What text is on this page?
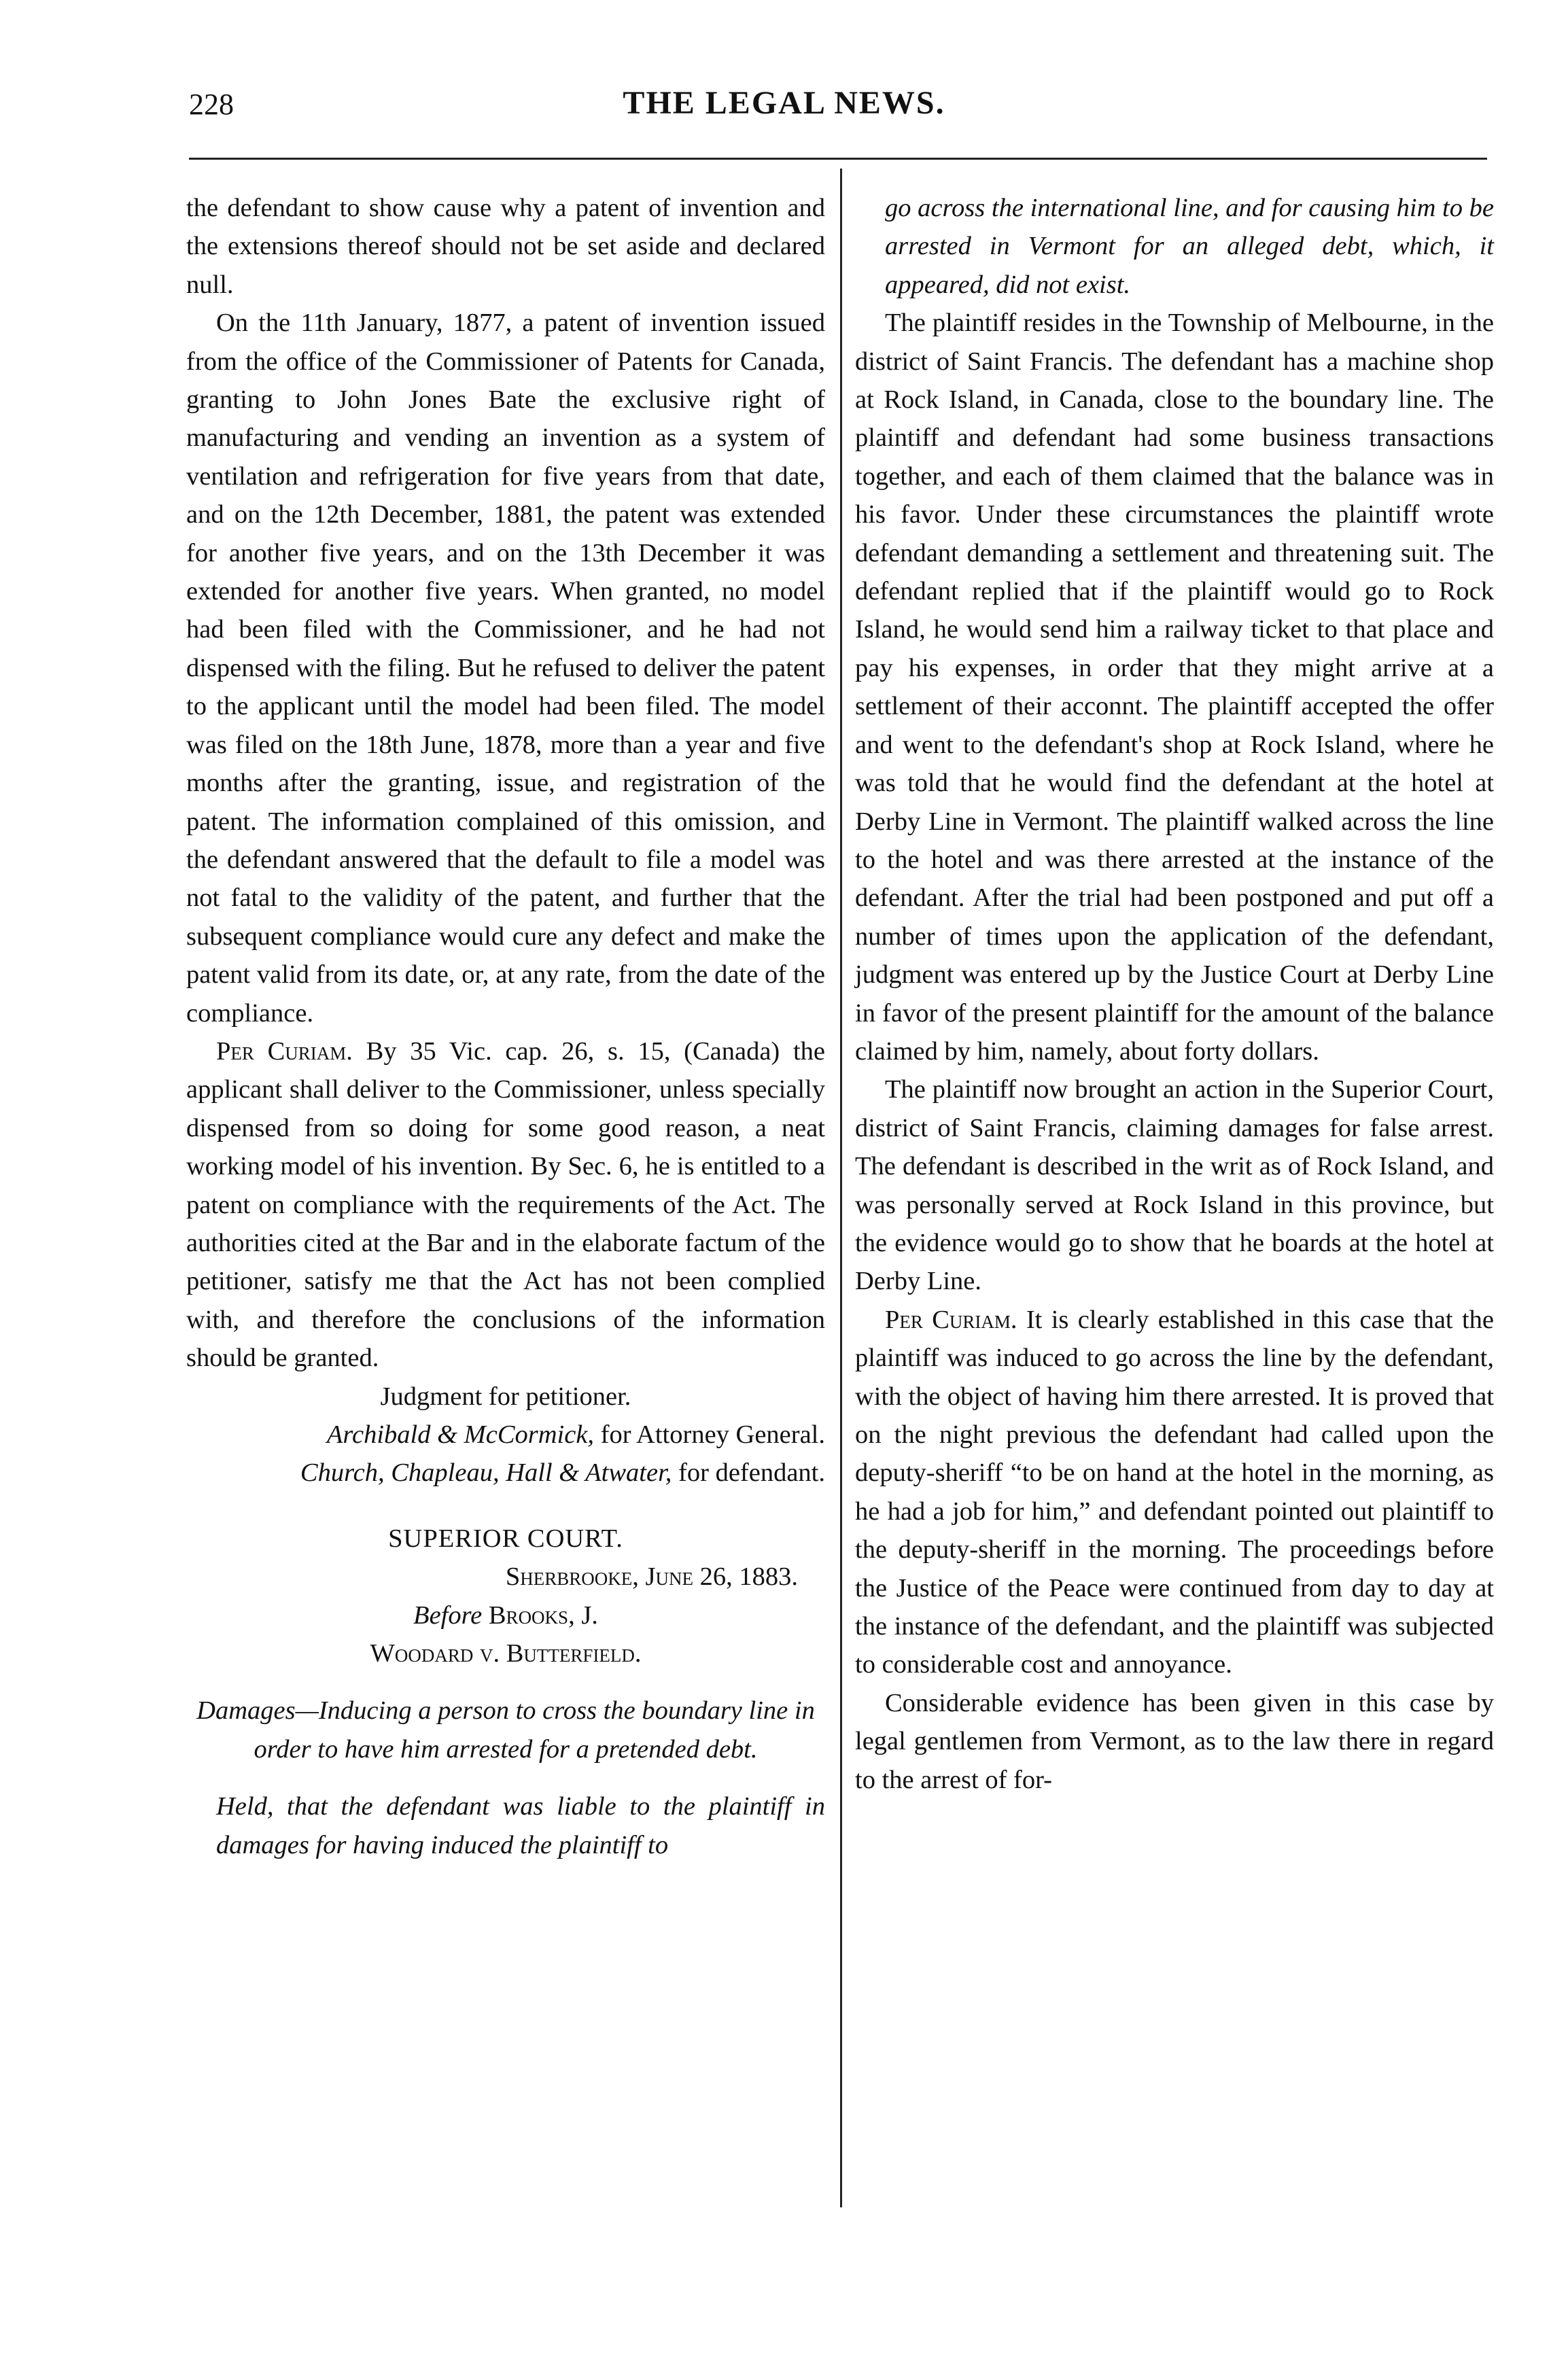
228	THE LEGAL NEWS.

the defendant to show cause why a patent of invention and the extensions thereof should not be set aside and declared null.

On the 11th January, 1877, a patent of invention issued from the office of the Commissioner of Patents for Canada, granting to John Jones Bate the exclusive right of manufacturing and vending an invention as a system of ventilation and refrigeration for five years from that date, and on the 12th December, 1881, the patent was extended for another five years, and on the 13th December it was extended for another five years. When granted, no model had been filed with the Commissioner, and he had not dispensed with the filing. But he refused to deliver the patent to the applicant until the model had been filed. The model was filed on the 18th June, 1878, more than a year and five months after the granting, issue, and registration of the patent. The information complained of this omission, and the defendant answered that the default to file a model was not fatal to the validity of the patent, and further that the subsequent compliance would cure any defect and make the patent valid from its date, or, at any rate, from the date of the compliance.

Per Curiam. By 35 Vic. cap. 26, s. 15, (Canada) the applicant shall deliver to the Commissioner, unless specially dispensed from so doing for some good reason, a neat working model of his invention. By Sec. 6, he is entitled to a patent on compliance with the requirements of the Act. The authorities cited at the Bar and in the elaborate factum of the petitioner, satisfy me that the Act has not been complied with, and therefore the conclusions of the information should be granted.

Judgment for petitioner.

Archibald & McCormick, for Attorney General.

Church, Chapleau, Hall & Atwater, for defendant.

SUPERIOR COURT.

Sherbrooke, June 26, 1883.

Before Brooks, J.

Woodard v. Butterfield.

Damages—Inducing a person to cross the boundary line in order to have him arrested for a pretended debt.

Held, that the defendant was liable to the plaintiff in damages for having induced the plaintiff to

go across the international line, and for causing him to be arrested in Vermont for an alleged debt, which, it appeared, did not exist.

The plaintiff resides in the Township of Melbourne, in the district of Saint Francis. The defendant has a machine shop at Rock Island, in Canada, close to the boundary line. The plaintiff and defendant had some business transactions together, and each of them claimed that the balance was in his favor. Under these circumstances the plaintiff wrote defendant demanding a settlement and threatening suit. The defendant replied that if the plaintiff would go to Rock Island, he would send him a railway ticket to that place and pay his expenses, in order that they might arrive at a settlement of their acconnt. The plaintiff accepted the offer and went to the defendant's shop at Rock Island, where he was told that he would find the defendant at the hotel at Derby Line in Vermont. The plaintiff walked across the line to the hotel and was there arrested at the instance of the defendant. After the trial had been postponed and put off a number of times upon the application of the defendant, judgment was entered up by the Justice Court at Derby Line in favor of the present plaintiff for the amount of the balance claimed by him, namely, about forty dollars.

The plaintiff now brought an action in the Superior Court, district of Saint Francis, claiming damages for false arrest. The defendant is described in the writ as of Rock Island, and was personally served at Rock Island in this province, but the evidence would go to show that he boards at the hotel at Derby Line.

Per Curiam. It is clearly established in this case that the plaintiff was induced to go across the line by the defendant, with the object of having him there arrested. It is proved that on the night previous the defendant had called upon the deputy-sheriff “to be on hand at the hotel in the morning, as he had a job for him,” and defendant pointed out plaintiff to the deputy-sheriff in the morning. The proceedings before the Justice of the Peace were continued from day to day at the instance of the defendant, and the plaintiff was subjected to considerable cost and annoyance.

Considerable evidence has been given in this case by legal gentlemen from Vermont, as to the law there in regard to the arrest of for-
